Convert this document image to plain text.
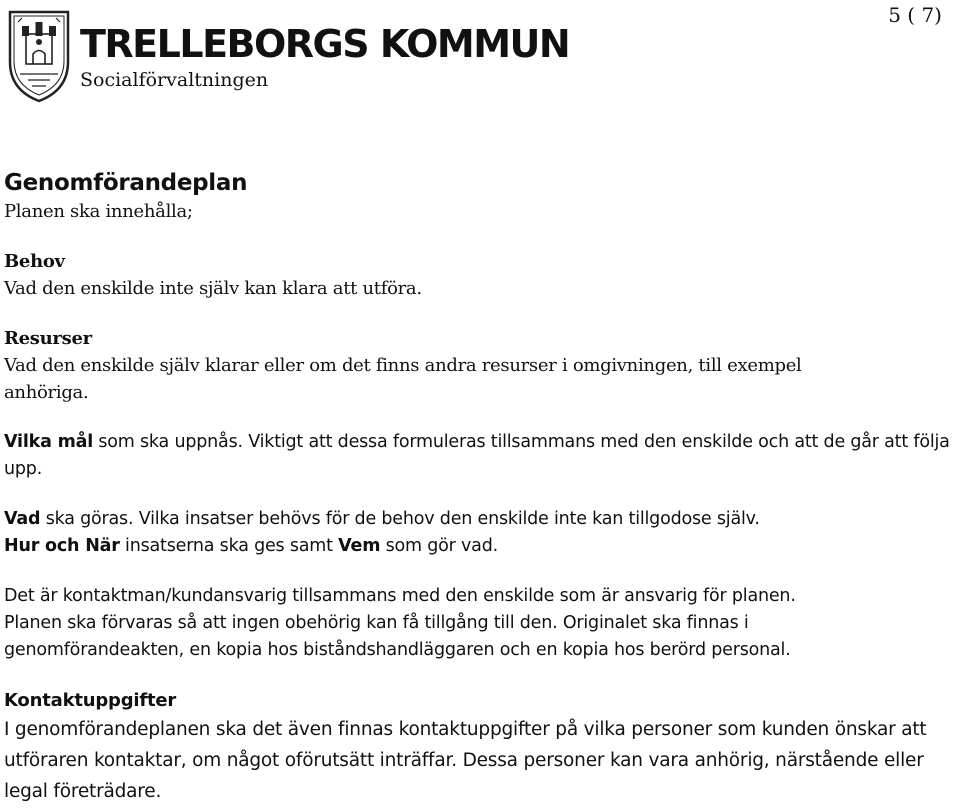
TRELLEBORGS KOMMUN
Socialförvaltningen
5 ( 7)
Genomförandeplan

Planen ska innehålla;

Behov

Vad den enskilde inte själv kan klara att utföra.

Resurser

Vad den enskilde själv klarar eller om det finns andra resurser i omgivningen, till exempel anhöriga.

Vilka mål som ska uppnås. Viktigt att dessa formuleras tillsammans med den enskilde och att de går att följa upp.

Vad ska göras. Vilka insatser behövs för de behov den enskilde inte kan tillgodose själv.

Hur och När insatserna ska ges samt Vem som gör vad.

Det är kontaktman/kundansvarig tillsammans med den enskilde som är ansvarig för planen.

Planen ska förvaras så att ingen obehörig kan få tillgång till den. Originalet ska finnas i genomförandeakten, en kopia hos biståndshandläggaren och en kopia hos berörd personal.

Kontaktuppgifter

I genomförandeplanen ska det även finnas kontaktuppgifter på vilka personer som kunden önskar att utföraren kontaktar, om något oförutsätt inträffar. Dessa personer kan vara anhörig, närstående eller legal företrädare.
